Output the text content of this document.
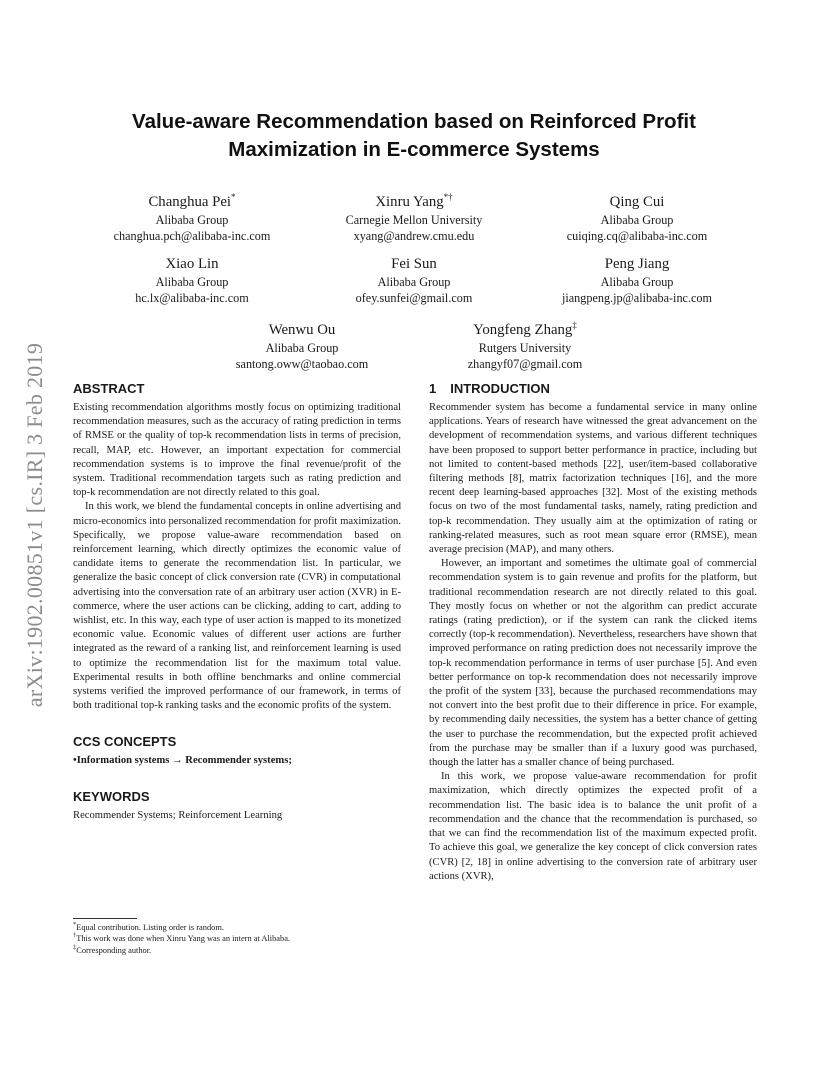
Value-aware Recommendation based on Reinforced Profit
Maximization in E-commerce Systems
Changhua Pei*
Alibaba Group
changhua.pch@alibaba-inc.com
Xinru Yang*†
Carnegie Mellon University
xyang@andrew.cmu.edu
Qing Cui
Alibaba Group
cuiqing.cq@alibaba-inc.com
Xiao Lin
Alibaba Group
hc.lx@alibaba-inc.com
Fei Sun
Alibaba Group
ofey.sunfei@gmail.com
Peng Jiang
Alibaba Group
jiangpeng.jp@alibaba-inc.com
Wenwu Ou
Alibaba Group
santong.oww@taobao.com
Yongfeng Zhang‡
Rutgers University
zhangyf07@gmail.com
arXiv:1902.00851v1 [cs.IR] 3 Feb 2019 ABSTRACT

Existing recommendation algorithms mostly focus on optimizing traditional recommendation measures, such as the accuracy of rating prediction in terms of RMSE or the quality of top-k recommendation lists in terms of precision, recall, MAP, etc. However, an important expectation for commercial recommendation systems is to improve the final revenue/profit of the system. Traditional recommendation targets such as rating prediction and top-k recommendation are not directly related to this goal.

In this work, we blend the fundamental concepts in online advertising and micro-economics into personalized recommendation for profit maximization. Specifically, we propose value-aware recommendation based on reinforcement learning, which directly optimizes the economic value of candidate items to generate the recommendation list. In particular, we generalize the basic concept of click conversion rate (CVR) in computational advertising into the conversation rate of an arbitrary user action (XVR) in E-commerce, where the user actions can be clicking, adding to cart, adding to wishlist, etc. In this way, each type of user action is mapped to its monetized economic value. Economic values of different user actions are further integrated as the reward of a ranking list, and reinforcement learning is used to optimize the recommendation list for the maximum total value. Experimental results in both offline benchmarks and online commercial systems verified the improved performance of our framework, in terms of both traditional top-k ranking tasks and the economic profits of the system.

CCS CONCEPTS
•Information systems → Recommender systems;
KEYWORDS
Recommender Systems; Reinforcement Learning
*Equal contribution. Listing order is random.
†This work was done when Xinru Yang was an intern at Alibaba.
‡Corresponding author.
1 INTRODUCTION

Recommender system has become a fundamental service in many online applications. Years of research have witnessed the great advancement on the development of recommendation systems, and various different techniques have been proposed to support better performance in practice, including but not limited to content-based methods [22], user/item-based collaborative filtering methods [8], matrix factorization techniques [16], and the more recent deep learning-based approaches [32]. Most of the existing methods focus on two of the most fundamental tasks, namely, rating prediction and top-k recommendation. They usually aim at the optimization of rating or ranking-related measures, such as root mean square error (RMSE), mean average precision (MAP), and many others.

However, an important and sometimes the ultimate goal of commercial recommendation system is to gain revenue and profits for the platform, but traditional recommendation research are not directly related to this goal. They mostly focus on whether or not the algorithm can predict accurate ratings (rating prediction), or if the system can rank the clicked items correctly (top-k recommendation). Nevertheless, researchers have shown that improved performance on rating prediction does not necessarily improve the top-k recommendation performance in terms of user purchase [5]. And even better performance on top-k recommendation does not necessarily improve the profit of the system [33], because the purchased recommendations may not convert into the best profit due to their difference in price. For example, by recommending daily necessities, the system has a better chance of getting the user to purchase the recommendation, but the expected profit achieved from the purchase may be smaller than if a luxury good was purchased, though the latter has a smaller chance of being purchased.

In this work, we propose value-aware recommendation for profit maximization, which directly optimizes the expected profit of a recommendation list. The basic idea is to balance the unit profit of a recommendation and the chance that the recommendation is purchased, so that we can find the recommendation list of the maximum expected profit. To achieve this goal, we generalize the key concept of click conversion rates (CVR) [2, 18] in online advertising to the conversion rate of arbitrary user actions (XVR),
